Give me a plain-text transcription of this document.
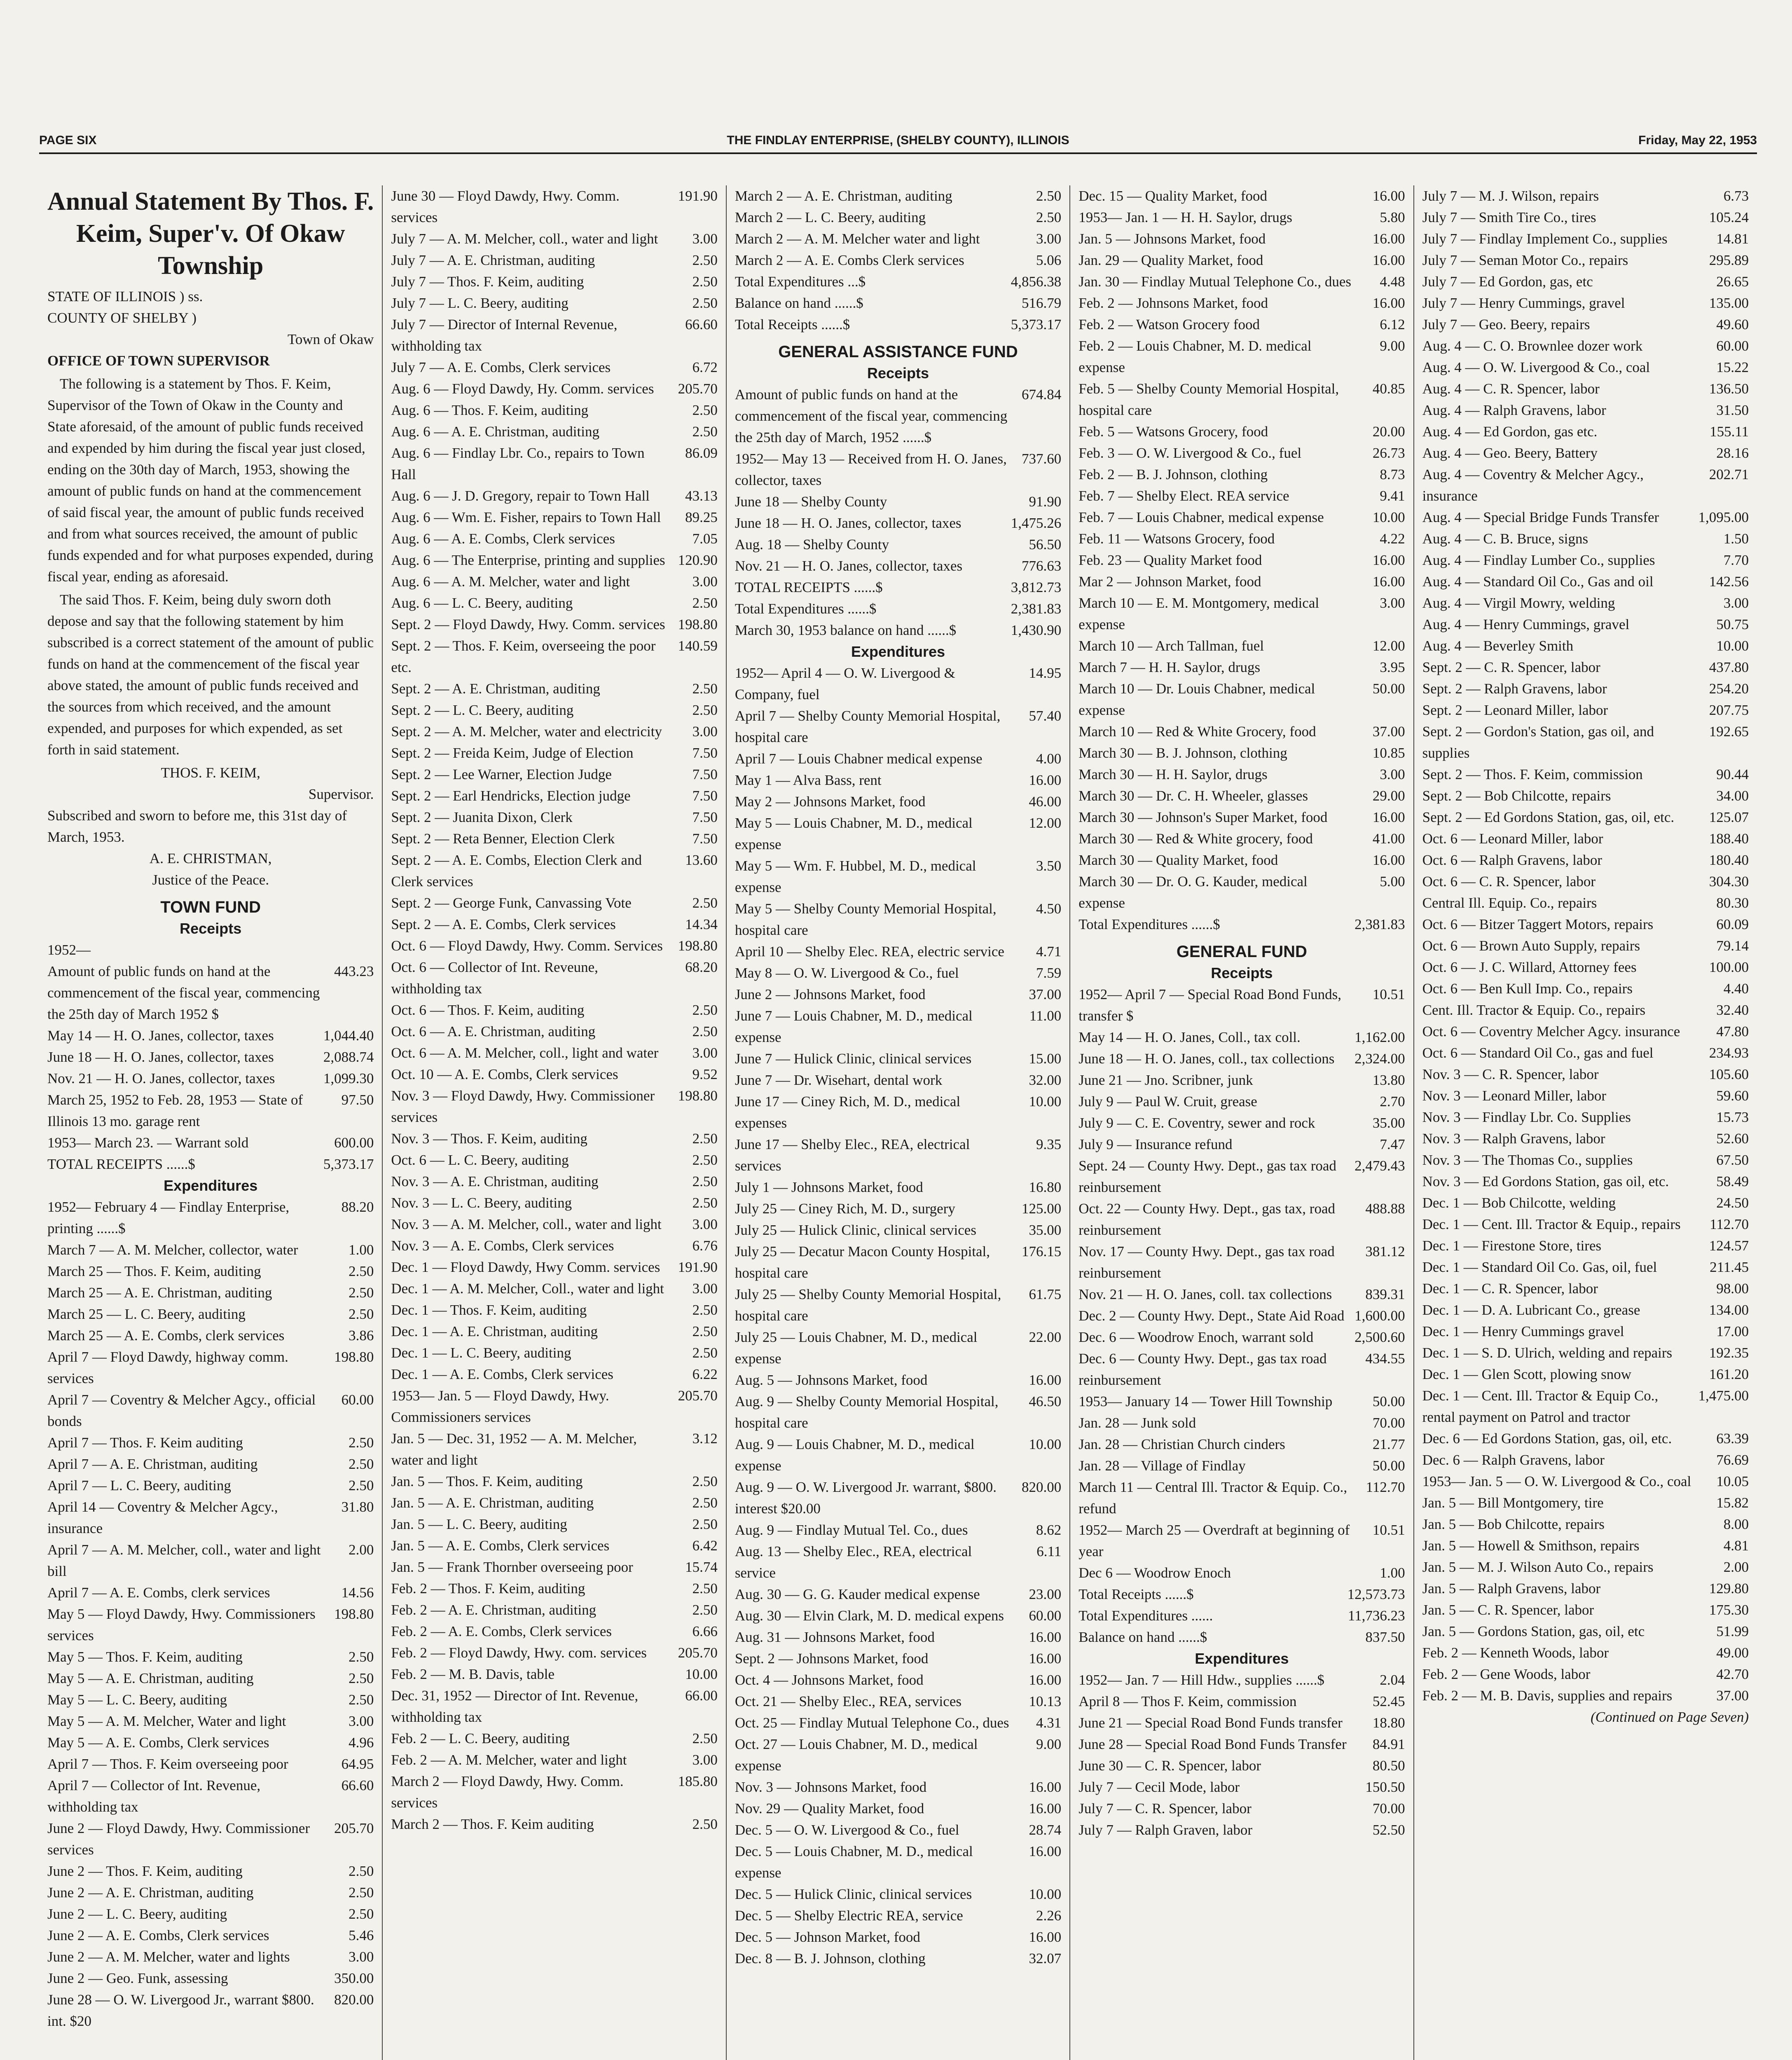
PAGE SIX	THE FINDLAY ENTERPRISE, (SHELBY COUNTY), ILLINOIS	Friday, May 22, 1953
Annual Statement By Thos. F. Keim, Super'v. Of Okaw Township
STATE OF ILLINOIS ) ss.
COUNTY OF SHELBY )
Town of Okaw
OFFICE OF TOWN SUPERVISOR

The following is a statement by Thos. F. Keim, Supervisor of the Town of Okaw in the County and State aforesaid, of the amount of public funds received and expended by him during the fiscal year just closed, ending on the 30th day of March, 1953, showing the amount of public funds on hand at the commencement of said fiscal year, the amount of public funds received and from what sources received, the amount of public funds expended and for what purposes expended, during fiscal year, ending as aforesaid.

The said Thos. F. Keim, being duly sworn doth depose and say that the following statement by him subscribed is a correct statement of the amount of public funds on hand at the commencement of the fiscal year above stated, the amount of public funds received and the sources from which received, and the amount expended, and purposes for which expended, as set forth in said statement.

THOS. F. KEIM,
Supervisor.
Subscribed and sworn to before me, this 31st day of March, 1953.
A. E. CHRISTMAN,
Justice of the Peace.
TOWN FUND
Receipts
1952—
Amount of public funds on hand at the commencement of the fiscal year, commencing the 25th day of March 1952 $
443.23
May 14 — H. O. Janes, collector, taxes	1,044.40
June 18 — H. O. Janes, collector, taxes	2,088.74
Nov. 21 — H. O. Janes, collector, taxes	1,099.30
March 25, 1952 to Feb. 28, 1953 — State of Illinois 13 mo. garage rent
97.50
1953— March 23. — Warrant sold	600.00
TOTAL RECEIPTS ......$	5,373.17
Expenditures
1952— February 4 — Findlay Enterprise, printing ......$
88.20
March 7 — A. M. Melcher, collector, water	1.00
March 25 — Thos. F. Keim, auditing	2.50
March 25 — A. E. Christman, auditing	2.50
March 25 — L. C. Beery, auditing	2.50
March 25 — A. E. Combs, clerk services	3.86
April 7 — Floyd Dawdy, highway comm. services
198.80
April 7 — Coventry & Melcher Agcy., official bonds
60.00
April 7 — Thos. F. Keim auditing	2.50
April 7 — A. E. Christman, auditing	2.50
April 7 — L. C. Beery, auditing	2.50
April 14 — Coventry & Melcher Agcy., insurance
31.80
April 7 — A. M. Melcher, coll., water and light bill
2.00
April 7 — A. E. Combs, clerk services	14.56
May 5 — Floyd Dawdy, Hwy. Commissioners services
198.80
May 5 — Thos. F. Keim, auditing	2.50
May 5 — A. E. Christman, auditing	2.50
May 5 — L. C. Beery, auditing	2.50
May 5 — A. M. Melcher, Water and light	3.00
May 5 — A. E. Combs, Clerk services	4.96
April 7 — Thos. F. Keim overseeing poor	64.95
April 7 — Collector of Int. Revenue, withholding tax
66.60
June 2 — Floyd Dawdy, Hwy. Commissioner services
205.70
June 2 — Thos. F. Keim, auditing	2.50
June 2 — A. E. Christman, auditing	2.50
June 2 — L. C. Beery, auditing	2.50
June 2 — A. E. Combs, Clerk services	5.46
June 2 — A. M. Melcher, water and lights	3.00
June 2 — Geo. Funk, assessing	350.00
June 28 — O. W. Livergood Jr., warrant $800. int. $20
820.00
June 30 — Floyd Dawdy, Hwy. Comm. services
191.90
July 7 — A. M. Melcher, coll., water and light	3.00
July 7 — A. E. Christman, auditing	2.50
July 7 — Thos. F. Keim, auditing	2.50
July 7 — L. C. Beery, auditing	2.50
July 7 — Director of Internal Revenue, withholding tax
66.60
July 7 — A. E. Combs, Clerk services	6.72
Aug. 6 — Floyd Dawdy, Hy. Comm. services	205.70
Aug. 6 — Thos. F. Keim, auditing	2.50
Aug. 6 — A. E. Christman, auditing	2.50
Aug. 6 — Findlay Lbr. Co., repairs to Town Hall
86.09
Aug. 6 — J. D. Gregory, repair to Town Hall	43.13
Aug. 6 — Wm. E. Fisher, repairs to Town Hall	89.25
Aug. 6 — A. E. Combs, Clerk services	7.05
Aug. 6 — The Enterprise, printing and supplies 120.90
Aug. 6 — A. M. Melcher, water and light	3.00
Aug. 6 — L. C. Beery, auditing	2.50
Sept. 2 — Floyd Dawdy, Hwy. Comm. services 198.80
Sept. 2 — Thos. F. Keim, overseeing the poor etc.
140.59
Sept. 2 — A. E. Christman, auditing	2.50
Sept. 2 — L. C. Beery, auditing	2.50
Sept. 2 — A. M. Melcher, water and electricity	3.00
Sept. 2 — Freida Keim, Judge of Election	7.50
Sept. 2 — Lee Warner, Election Judge	7.50
Sept. 2 — Earl Hendricks, Election judge	7.50
Sept. 2 — Juanita Dixon, Clerk	7.50
Sept. 2 — Reta Benner, Election Clerk	7.50
Sept. 2 — A. E. Combs, Election Clerk and Clerk services
13.60
Sept. 2 — George Funk, Canvassing Vote	2.50
Sept. 2 — A. E. Combs, Clerk services	14.34
Oct. 6 — Floyd Dawdy, Hwy. Comm. Services	198.80
Oct. 6 — Collector of Int. Reveune, withholding tax
68.20
Oct. 6 — Thos. F. Keim, auditing	2.50
Oct. 6 — A. E. Christman, auditing	2.50
Oct. 6 — A. M. Melcher, coll., light and water	3.00
Oct. 10 — A. E. Combs, Clerk services	9.52
Nov. 3 — Floyd Dawdy, Hwy. Commissioner services
198.80
Nov. 3 — Thos. F. Keim, auditing	2.50
Oct. 6 — L. C. Beery, auditing	2.50
Nov. 3 — A. E. Christman, auditing	2.50
Nov. 3 — L. C. Beery, auditing	2.50
Nov. 3 — A. M. Melcher, coll., water and light	3.00
Nov. 3 — A. E. Combs, Clerk services	6.76
Dec. 1 — Floyd Dawdy, Hwy Comm. services	191.90
Dec. 1 — A. M. Melcher, Coll., water and light	3.00
Dec. 1 — Thos. F. Keim, auditing	2.50
Dec. 1 — A. E. Christman, auditing	2.50
Dec. 1 — L. C. Beery, auditing	2.50
Dec. 1 — A. E. Combs, Clerk services	6.22
1953— Jan. 5 — Floyd Dawdy, Hwy. Commissioners services
205.70
Jan. 5 — Dec. 31, 1952 — A. M. Melcher, water and light
3.12
Jan. 5 — Thos. F. Keim, auditing	2.50
Jan. 5 — A. E. Christman, auditing	2.50
Jan. 5 — L. C. Beery, auditing	2.50
Jan. 5 — A. E. Combs, Clerk services	6.42
Jan. 5 — Frank Thornber overseeing poor	15.74
Feb. 2 — Thos. F. Keim, auditing	2.50
Feb. 2 — A. E. Christman, auditing	2.50
Feb. 2 — A. E. Combs, Clerk services	6.66
Feb. 2 — Floyd Dawdy, Hwy. com. services	205.70
Feb. 2 — M. B. Davis, table	10.00
Dec. 31, 1952 — Director of Int. Revenue, withholding tax
66.00
Feb. 2 — L. C. Beery, auditing	2.50
Feb. 2 — A. M. Melcher, water and light	3.00
March 2 — Floyd Dawdy, Hwy. Comm. services
185.80
March 2 — Thos. F. Keim auditing	2.50
March 2 — A. E. Christman, auditing	2.50
March 2 — L. C. Beery, auditing	2.50
March 2 — A. M. Melcher water and light	3.00
March 2 — A. E. Combs Clerk services	5.06
Total Expenditures ...$	4,856.38
Balance on hand ......$	516.79
Total Receipts ......$	5,373.17
GENERAL ASSISTANCE FUND
Receipts
Amount of public funds on hand at the commencement of the fiscal year, commencing the 25th day of March, 1952 ......$
674.84
1952— May 13 — Received from H. O. Janes, collector, taxes
737.60
June 18 — Shelby County	91.90
June 18 — H. O. Janes, collector, taxes	1,475.26
Aug. 18 — Shelby County	56.50
Nov. 21 — H. O. Janes, collector, taxes	776.63
TOTAL RECEIPTS ......$	3,812.73
Total Expenditures ......$	2,381.83
March 30, 1953 balance on hand ......$	1,430.90
Expenditures
1952— April 4 — O. W. Livergood & Company, fuel
14.95
April 7 — Shelby County Memorial Hospital, hospital care
57.40
April 7 — Louis Chabner medical expense	4.00
May 1 — Alva Bass, rent	16.00
May 2 — Johnsons Market, food	46.00
May 5 — Louis Chabner, M. D., medical expense
12.00
May 5 — Wm. F. Hubbel, M. D., medical expense
3.50
May 5 — Shelby County Memorial Hospital, hospital care
4.50
April 10 — Shelby Elec. REA, electric service	4.71
May 8 — O. W. Livergood & Co., fuel	7.59
June 2 — Johnsons Market, food	37.00
June 7 — Louis Chabner, M. D., medical expense
11.00
June 7 — Hulick Clinic, clinical services	15.00
June 7 — Dr. Wisehart, dental work	32.00
June 17 — Ciney Rich, M. D., medical expenses
10.00
June 17 — Shelby Elec., REA, electrical services
9.35
July 1 — Johnsons Market, food	16.80
July 25 — Ciney Rich, M. D., surgery	125.00
July 25 — Hulick Clinic, clinical services	35.00
July 25 — Decatur Macon County Hospital, hospital care
176.15
July 25 — Shelby County Memorial Hospital, hospital care
61.75
July 25 — Louis Chabner, M. D., medical expense
22.00
Aug. 5 — Johnsons Market, food	16.00
Aug. 9 — Shelby County Memorial Hospital, hospital care
46.50
Aug. 9 — Louis Chabner, M. D., medical expense
10.00
Aug. 9 — O. W. Livergood Jr. warrant, $800. interest $20.00
820.00
Aug. 9 — Findlay Mutual Tel. Co., dues	8.62
Aug. 13 — Shelby Elec., REA, electrical service
6.11
Aug. 30 — G. G. Kauder medical expense	23.00
Aug. 30 — Elvin Clark, M. D. medical expens	60.00
Aug. 31 — Johnsons Market, food	16.00
Sept. 2 — Johnsons Market, food	16.00
Oct. 4 — Johnsons Market, food	16.00
Oct. 21 — Shelby Elec., REA, services	10.13
Oct. 25 — Findlay Mutual Telephone Co., dues	4.31
Oct. 27 — Louis Chabner, M. D., medical expense
9.00
Nov. 3 — Johnsons Market, food	16.00
Nov. 29 — Quality Market, food	16.00
Dec. 5 — O. W. Livergood & Co., fuel	28.74
Dec. 5 — Louis Chabner, M. D., medical expense
16.00
Dec. 5 — Hulick Clinic, clinical services	10.00
Dec. 5 — Shelby Electric REA, service	2.26
Dec. 5 — Johnson Market, food	16.00
Dec. 8 — B. J. Johnson, clothing	32.07
Dec. 15 — Quality Market, food	16.00
1953— Jan. 1 — H. H. Saylor, drugs	5.80
Jan. 5 — Johnsons Market, food	16.00
Jan. 29 — Quality Market, food	16.00
Jan. 30 — Findlay Mutual Telephone Co., dues	4.48
Feb. 2 — Johnsons Market, food	16.00
Feb. 2 — Watson Grocery food	6.12
Feb. 2 — Louis Chabner, M. D. medical expense
9.00
Feb. 5 — Shelby County Memorial Hospital, hospital care
40.85
Feb. 5 — Watsons Grocery, food	20.00
Feb. 3 — O. W. Livergood & Co., fuel	26.73
Feb. 2 — B. J. Johnson, clothing	8.73
Feb. 7 — Shelby Elect. REA service	9.41
Feb. 7 — Louis Chabner, medical expense	10.00
Feb. 11 — Watsons Grocery, food	4.22
Feb. 23 — Quality Market food	16.00
Mar 2 — Johnson Market, food	16.00
March 10 — E. M. Montgomery, medical expense
3.00
March 10 — Arch Tallman, fuel	12.00
March 7 — H. H. Saylor, drugs	3.95
March 10 — Dr. Louis Chabner, medical expense
50.00
March 10 — Red & White Grocery, food	37.00
March 30 — B. J. Johnson, clothing	10.85
March 30 — H. H. Saylor, drugs	3.00
March 30 — Dr. C. H. Wheeler, glasses	29.00
March 30 — Johnson's Super Market, food	16.00
March 30 — Red & White grocery, food	41.00
March 30 — Quality Market, food	16.00
March 30 — Dr. O. G. Kauder, medical expense
5.00
Total Expenditures ......$	2,381.83
GENERAL FUND
Receipts
1952— April 7 — Special Road Bond Funds, transfer $
10.51
May 14 — H. O. Janes, Coll., tax coll.	1,162.00
June 18 — H. O. Janes, coll., tax collections	2,324.00
June 21 — Jno. Scribner, junk	13.80
July 9 — Paul W. Cruit, grease	2.70
July 9 — C. E. Coventry, sewer and rock	35.00
July 9 — Insurance refund	7.47
Sept. 24 — County Hwy. Dept., gas tax road reinbursement
2,479.43
Oct. 22 — County Hwy. Dept., gas tax, road reinbursement
488.88
Nov. 17 — County Hwy. Dept., gas tax road reinbursement
381.12
Nov. 21 — H. O. Janes, coll. tax collections	839.31
Dec. 2 — County Hwy. Dept., State Aid Road 1,600.00
Dec. 6 — Woodrow Enoch, warrant sold	2,500.60
Dec. 6 — County Hwy. Dept., gas tax road reinbursement
434.55
1953— January 14 — Tower Hill Township	50.00
Jan. 28 — Junk sold	70.00
Jan. 28 — Christian Church cinders	21.77
Jan. 28 — Village of Findlay	50.00
March 11 — Central Ill. Tractor & Equip. Co., refund
112.70
1952— March 25 — Overdraft at beginning of year
10.51
Dec 6 — Woodrow Enoch	1.00
Total Receipts ......$	12,573.73
Total Expenditures ......	11,736.23
Balance on hand ......$	837.50
Expenditures
1952— Jan. 7 — Hill Hdw., supplies ......$	2.04
April 8 — Thos F. Keim, commission	52.45
June 21 — Special Road Bond Funds transfer	18.80
June 28 — Special Road Bond Funds Transfer	84.91
June 30 — C. R. Spencer, labor	80.50
July 7 — Cecil Mode, labor	150.50
July 7 — C. R. Spencer, labor	70.00
July 7 — Ralph Graven, labor	52.50
July 7 — M. J. Wilson, repairs	6.73
July 7 — Smith Tire Co., tires	105.24
July 7 — Findlay Implement Co., supplies	14.81
July 7 — Seman Motor Co., repairs	295.89
July 7 — Ed Gordon, gas, etc	26.65
July 7 — Henry Cummings, gravel	135.00
July 7 — Geo. Beery, repairs	49.60
Aug. 4 — C. O. Brownlee dozer work	60.00
Aug. 4 — O. W. Livergood & Co., coal	15.22
Aug. 4 — C. R. Spencer, labor	136.50
Aug. 4 — Ralph Gravens, labor	31.50
Aug. 4 — Ed Gordon, gas etc.	155.11
Aug. 4 — Geo. Beery, Battery	28.16
Aug. 4 — Coventry & Melcher Agcy., insurance
202.71
Aug. 4 — Special Bridge Funds Transfer	1,095.00
Aug. 4 — C. B. Bruce, signs	1.50
Aug. 4 — Findlay Lumber Co., supplies	7.70
Aug. 4 — Standard Oil Co., Gas and oil	142.56
Aug. 4 — Virgil Mowry, welding	3.00
Aug. 4 — Henry Cummings, gravel	50.75
Aug. 4 — Beverley Smith	10.00
Sept. 2 — C. R. Spencer, labor	437.80
Sept. 2 — Ralph Gravens, labor	254.20
Sept. 2 — Leonard Miller, labor	207.75
Sept. 2 — Gordon's Station, gas oil, and supplies
192.65
Sept. 2 — Thos. F. Keim, commission	90.44
Sept. 2 — Bob Chilcotte, repairs	34.00
Sept. 2 — Ed Gordons Station, gas, oil, etc.	125.07
Oct. 6 — Leonard Miller, labor	188.40
Oct. 6 — Ralph Gravens, labor	180.40
Oct. 6 — C. R. Spencer, labor	304.30
Central Ill. Equip. Co., repairs	80.30
Oct. 6 — Bitzer Taggert Motors, repairs	60.09
Oct. 6 — Brown Auto Supply, repairs	79.14
Oct. 6 — J. C. Willard, Attorney fees	100.00
Oct. 6 — Ben Kull Imp. Co., repairs	4.40
Cent. Ill. Tractor & Equip. Co., repairs	32.40
Oct. 6 — Coventry Melcher Agcy. insurance	47.80
Oct. 6 — Standard Oil Co., gas and fuel	234.93
Nov. 3 — C. R. Spencer, labor	105.60
Nov. 3 — Leonard Miller, labor	59.60
Nov. 3 — Findlay Lbr. Co. Supplies	15.73
Nov. 3 — Ralph Gravens, labor	52.60
Nov. 3 — The Thomas Co., supplies	67.50
Nov. 3 — Ed Gordons Station, gas oil, etc.	58.49
Dec. 1 — Bob Chilcotte, welding	24.50
Dec. 1 — Cent. Ill. Tractor & Equip., repairs	112.70
Dec. 1 — Firestone Store, tires	124.57
Dec. 1 — Standard Oil Co. Gas, oil, fuel	211.45
Dec. 1 — C. R. Spencer, labor	98.00
Dec. 1 — D. A. Lubricant Co., grease	134.00
Dec. 1 — Henry Cummings gravel	17.00
Dec. 1 — S. D. Ulrich, welding and repairs	192.35
Dec. 1 — Glen Scott, plowing snow	161.20
Dec. 1 — Cent. Ill. Tractor & Equip Co., rental payment on Patrol and tractor
1,475.00
Dec. 6 — Ed Gordons Station, gas, oil, etc.	63.39
Dec. 6 — Ralph Gravens, labor	76.69
1953— Jan. 5 — O. W. Livergood & Co., coal	10.05
Jan. 5 — Bill Montgomery, tire	15.82
Jan. 5 — Bob Chilcotte, repairs	8.00
Jan. 5 — Howell & Smithson, repairs	4.81
Jan. 5 — M. J. Wilson Auto Co., repairs	2.00
Jan. 5 — Ralph Gravens, labor	129.80
Jan. 5 — C. R. Spencer, labor	175.30
Jan. 5 — Gordons Station, gas, oil, etc	51.99
Feb. 2 — Kenneth Woods, labor	49.00
Feb. 2 — Gene Woods, labor	42.70
Feb. 2 — M. B. Davis, supplies and repairs	37.00
(Continued on Page Seven)
